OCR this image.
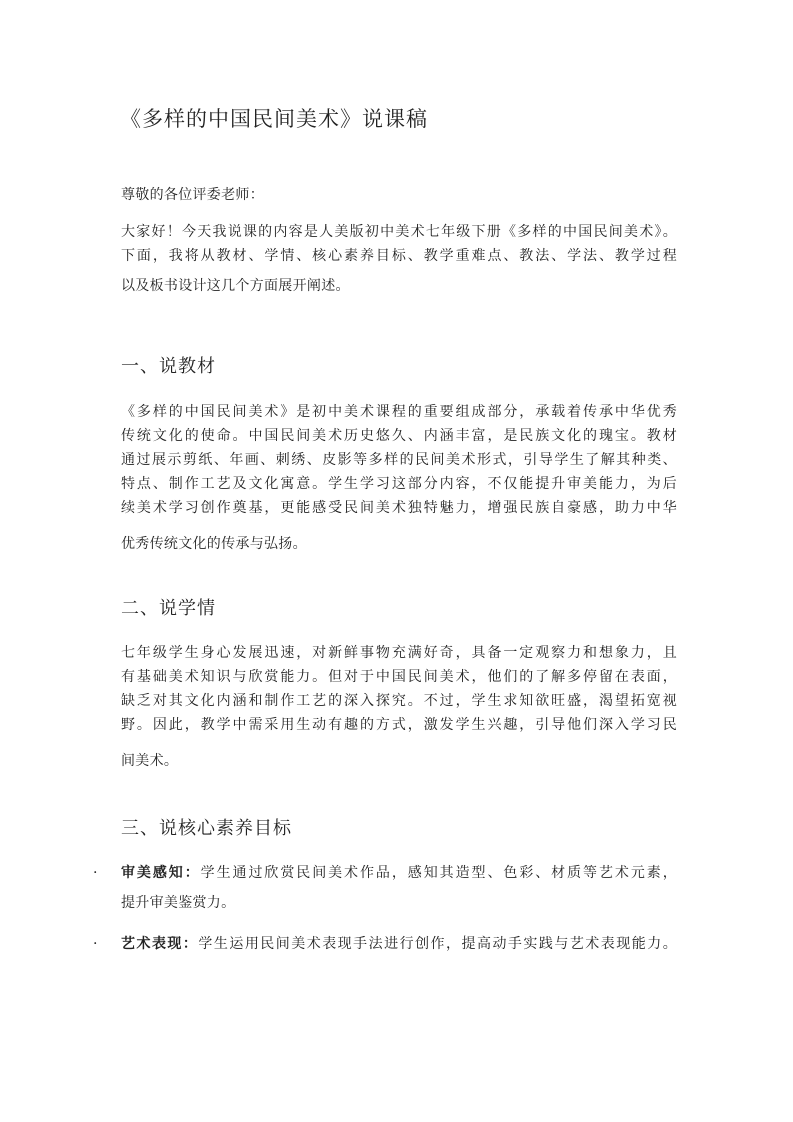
《多样的中国民间美术》说课稿
尊敬的各位评委老师：
大家好！今天我说课的内容是人美版初中美术七年级下册《多样的中国民间美术》。
下面，我将从教材、学情、核心素养目标、教学重难点、教法、学法、教学过程
以及板书设计这几个方面展开阐述。
一、说教材
《多样的中国民间美术》是初中美术课程的重要组成部分，承载着传承中华优秀
传统文化的使命。中国民间美术历史悠久、内涵丰富，是民族文化的瑰宝。教材
通过展示剪纸、年画、刺绣、皮影等多样的民间美术形式，引导学生了解其种类、
特点、制作工艺及文化寓意。学生学习这部分内容，不仅能提升审美能力，为后
续美术学习创作奠基，更能感受民间美术独特魅力，增强民族自豪感，助力中华
优秀传统文化的传承与弘扬。
二、说学情
七年级学生身心发展迅速，对新鲜事物充满好奇，具备一定观察力和想象力，且
有基础美术知识与欣赏能力。但对于中国民间美术，他们的了解多停留在表面，
缺乏对其文化内涵和制作工艺的深入探究。不过，学生求知欲旺盛，渴望拓宽视
野。因此，教学中需采用生动有趣的方式，激发学生兴趣，引导他们深入学习民
间美术。
三、说核心素养目标
. 审美感知：学生通过欣赏民间美术作品，感知其造型、色彩、材质等艺术元素，
提升审美鉴赏力。
. 艺术表现：学生运用民间美术表现手法进行创作，提高动手实践与艺术表现能力。
